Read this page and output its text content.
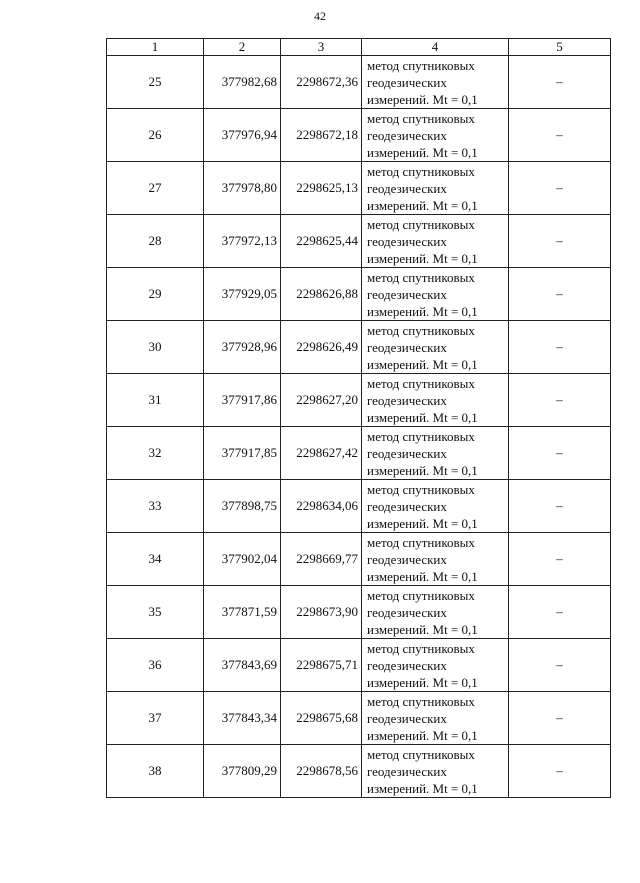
42
1	2	3	4	5
25	377982,68	2298672,36	метод спутниковых
геодезических
измерений. Mt = 0,1	–
26	377976,94	2298672,18	метод спутниковых
геодезических
измерений. Mt = 0,1	–
27	377978,80	2298625,13	метод спутниковых
геодезических
измерений. Mt = 0,1	–
28	377972,13	2298625,44	метод спутниковых
геодезических
измерений. Mt = 0,1	–
29	377929,05	2298626,88	метод спутниковых
геодезических
измерений. Mt = 0,1	–
30	377928,96	2298626,49	метод спутниковых
геодезических
измерений. Mt = 0,1	–
31	377917,86	2298627,20	метод спутниковых
геодезических
измерений. Mt = 0,1	–
32	377917,85	2298627,42	метод спутниковых
геодезических
измерений. Mt = 0,1	–
33	377898,75	2298634,06	метод спутниковых
геодезических
измерений. Mt = 0,1	–
34	377902,04	2298669,77	метод спутниковых
геодезических
измерений. Mt = 0,1	–
35	377871,59	2298673,90	метод спутниковых
геодезических
измерений. Mt = 0,1	–
36	377843,69	2298675,71	метод спутниковых
геодезических
измерений. Mt = 0,1	–
37	377843,34	2298675,68	метод спутниковых
геодезических
измерений. Mt = 0,1	–
38	377809,29	2298678,56	метод спутниковых
геодезических
измерений. Mt = 0,1	–
